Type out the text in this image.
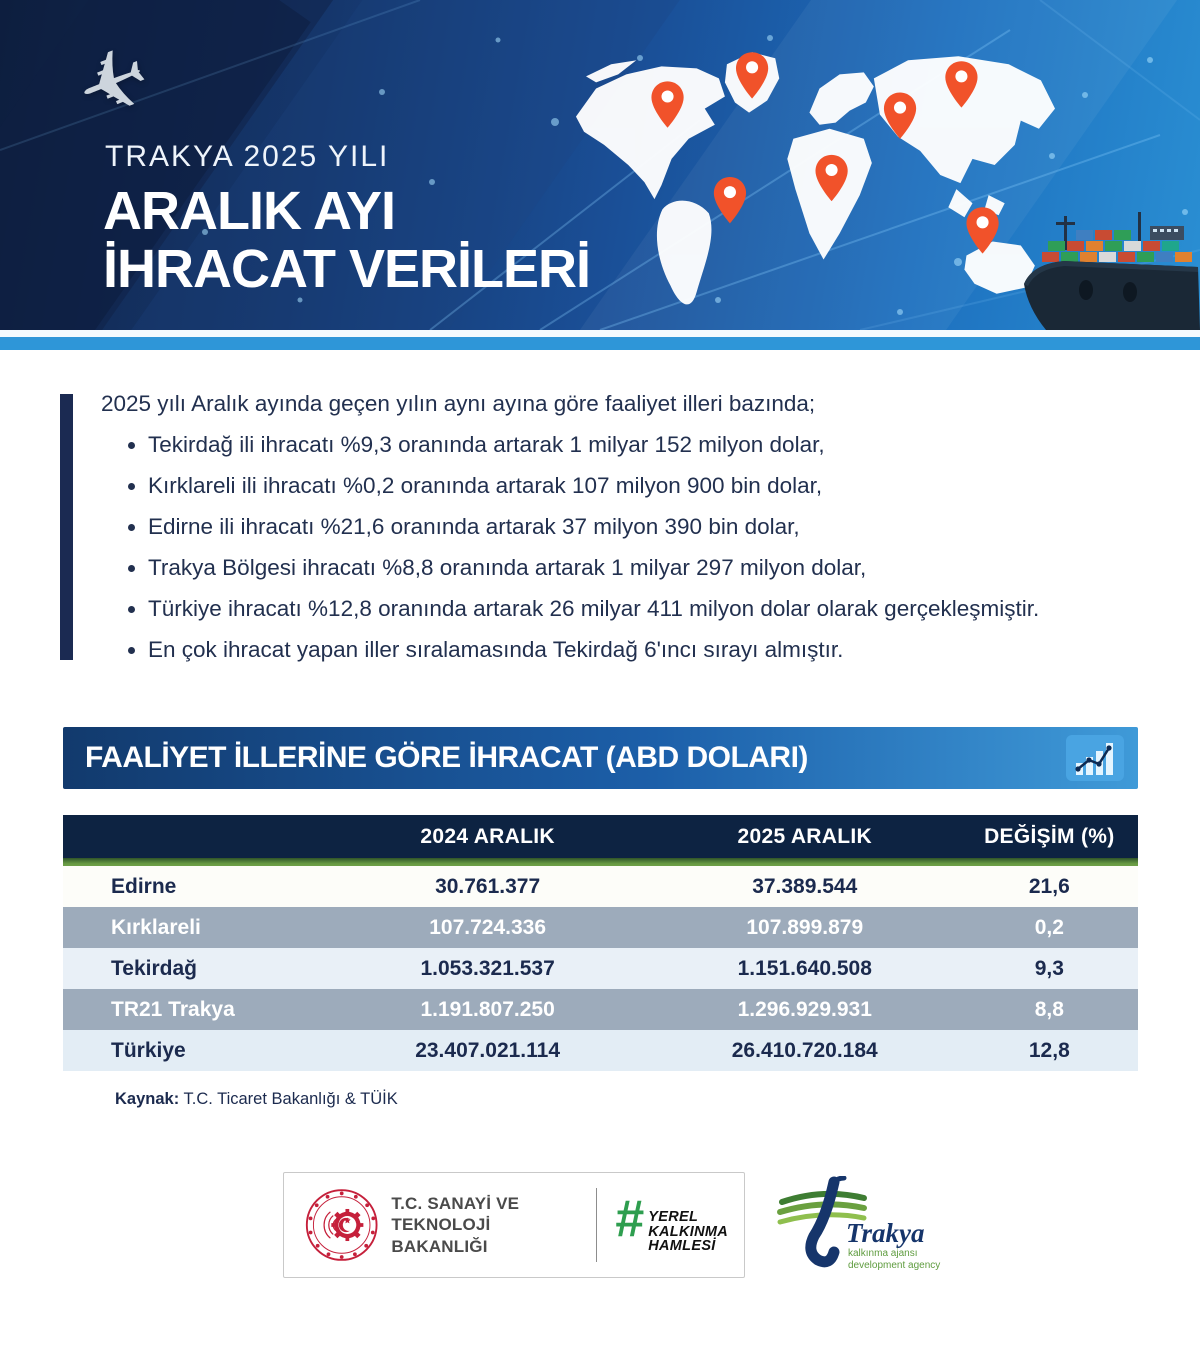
✈
TRAKYA 2025 YILI
ARALIK AYI
İHRACAT VERİLERİ
2025 yılı Aralık ayında geçen yılın aynı ayına göre faaliyet illeri bazında;
• Tekirdağ ili ihracatı %9,3 oranında artarak 1 milyar 152 milyon dolar,
• Kırklareli ili ihracatı %0,2 oranında artarak 107 milyon 900 bin dolar,
• Edirne ili ihracatı %21,6 oranında artarak 37 milyon 390 bin dolar,
• Trakya Bölgesi ihracatı %8,8 oranında artarak 1 milyar 297 milyon dolar,
• Türkiye ihracatı %12,8 oranında artarak 26 milyar 411 milyon dolar olarak gerçekleşmiştir.
• En çok ihracat yapan iller sıralamasında Tekirdağ 6'ıncı sırayı almıştır.
FAALİYET İLLERİNE GÖRE İHRACAT (ABD DOLARI)
	2024 ARALIK	2025 ARALIK	DEĞİŞİM (%)

Edirne	30.761.377	37.389.544	21,6
Kırklareli	107.724.336	107.899.879	0,2
Tekirdağ	1.053.321.537	1.151.640.508	9,3
TR21 Trakya	1.191.807.250	1.296.929.931	8,8
Türkiye	23.407.021.114	26.410.720.184	12,8
Kaynak: T.C. Ticaret Bakanlığı & TÜİK
T.C. SANAYİ VE
TEKNOLOJİ BAKANLIĞI	# YEREL
KALKINMA
HAMLESİ	Trakya
kalkınma ajansı
development agency
